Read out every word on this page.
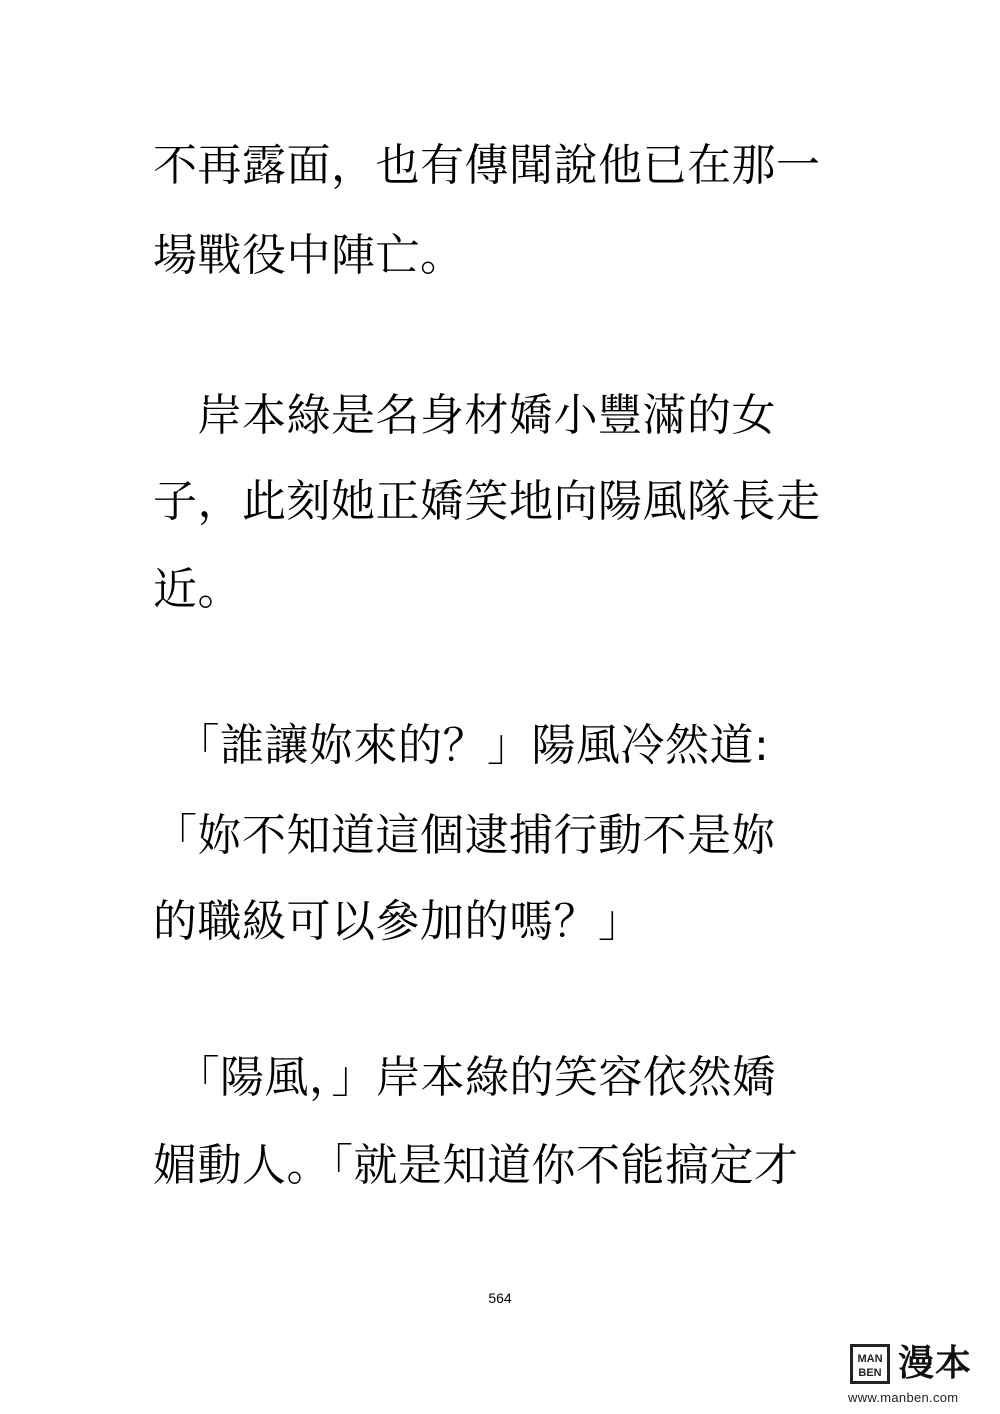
不再露面，也有傳聞說他已在那一
場戰役中陣亡。
　岸本綠是名身材嬌小豐滿的女
子，此刻她正嬌笑地向陽風隊長走
近。
　「誰讓妳來的？」陽風冷然道:
「妳不知道這個逮捕行動不是妳
的職級可以參加的嗎？」
　「陽風，」岸本綠的笑容依然嬌
媚動人。「就是知道你不能搞定才
564
MAN
BEN 漫本
www.manben.com
